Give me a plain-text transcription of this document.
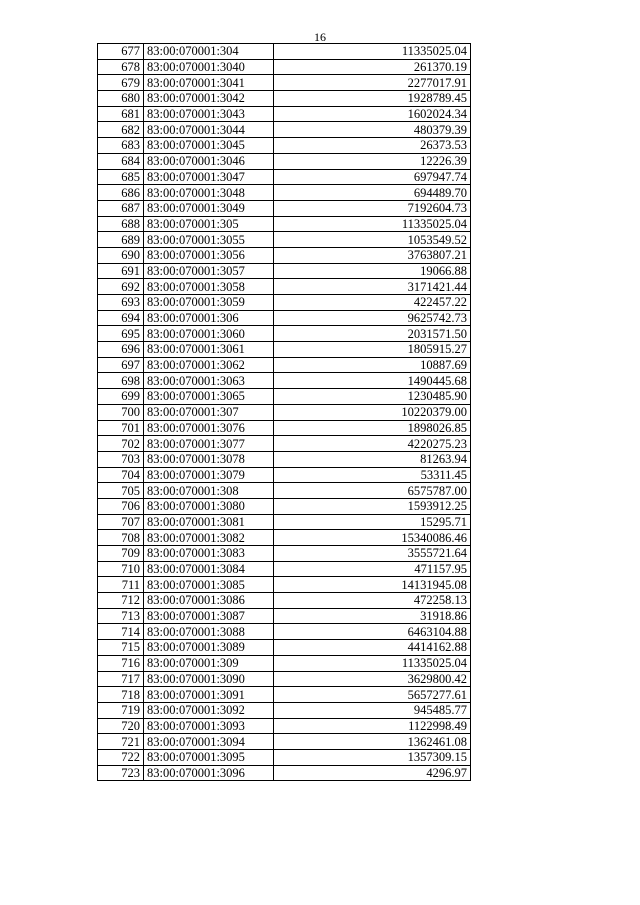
16
677	83:00:070001:304	11335025.04
678	83:00:070001:3040	261370.19
679	83:00:070001:3041	2277017.91
680	83:00:070001:3042	1928789.45
681	83:00:070001:3043	1602024.34
682	83:00:070001:3044	480379.39
683	83:00:070001:3045	26373.53
684	83:00:070001:3046	12226.39
685	83:00:070001:3047	697947.74
686	83:00:070001:3048	694489.70
687	83:00:070001:3049	7192604.73
688	83:00:070001:305	11335025.04
689	83:00:070001:3055	1053549.52
690	83:00:070001:3056	3763807.21
691	83:00:070001:3057	19066.88
692	83:00:070001:3058	3171421.44
693	83:00:070001:3059	422457.22
694	83:00:070001:306	9625742.73
695	83:00:070001:3060	2031571.50
696	83:00:070001:3061	1805915.27
697	83:00:070001:3062	10887.69
698	83:00:070001:3063	1490445.68
699	83:00:070001:3065	1230485.90
700	83:00:070001:307	10220379.00
701	83:00:070001:3076	1898026.85
702	83:00:070001:3077	4220275.23
703	83:00:070001:3078	81263.94
704	83:00:070001:3079	53311.45
705	83:00:070001:308	6575787.00
706	83:00:070001:3080	1593912.25
707	83:00:070001:3081	15295.71
708	83:00:070001:3082	15340086.46
709	83:00:070001:3083	3555721.64
710	83:00:070001:3084	471157.95
711	83:00:070001:3085	14131945.08
712	83:00:070001:3086	472258.13
713	83:00:070001:3087	31918.86
714	83:00:070001:3088	6463104.88
715	83:00:070001:3089	4414162.88
716	83:00:070001:309	11335025.04
717	83:00:070001:3090	3629800.42
718	83:00:070001:3091	5657277.61
719	83:00:070001:3092	945485.77
720	83:00:070001:3093	1122998.49
721	83:00:070001:3094	1362461.08
722	83:00:070001:3095	1357309.15
723	83:00:070001:3096	4296.97
